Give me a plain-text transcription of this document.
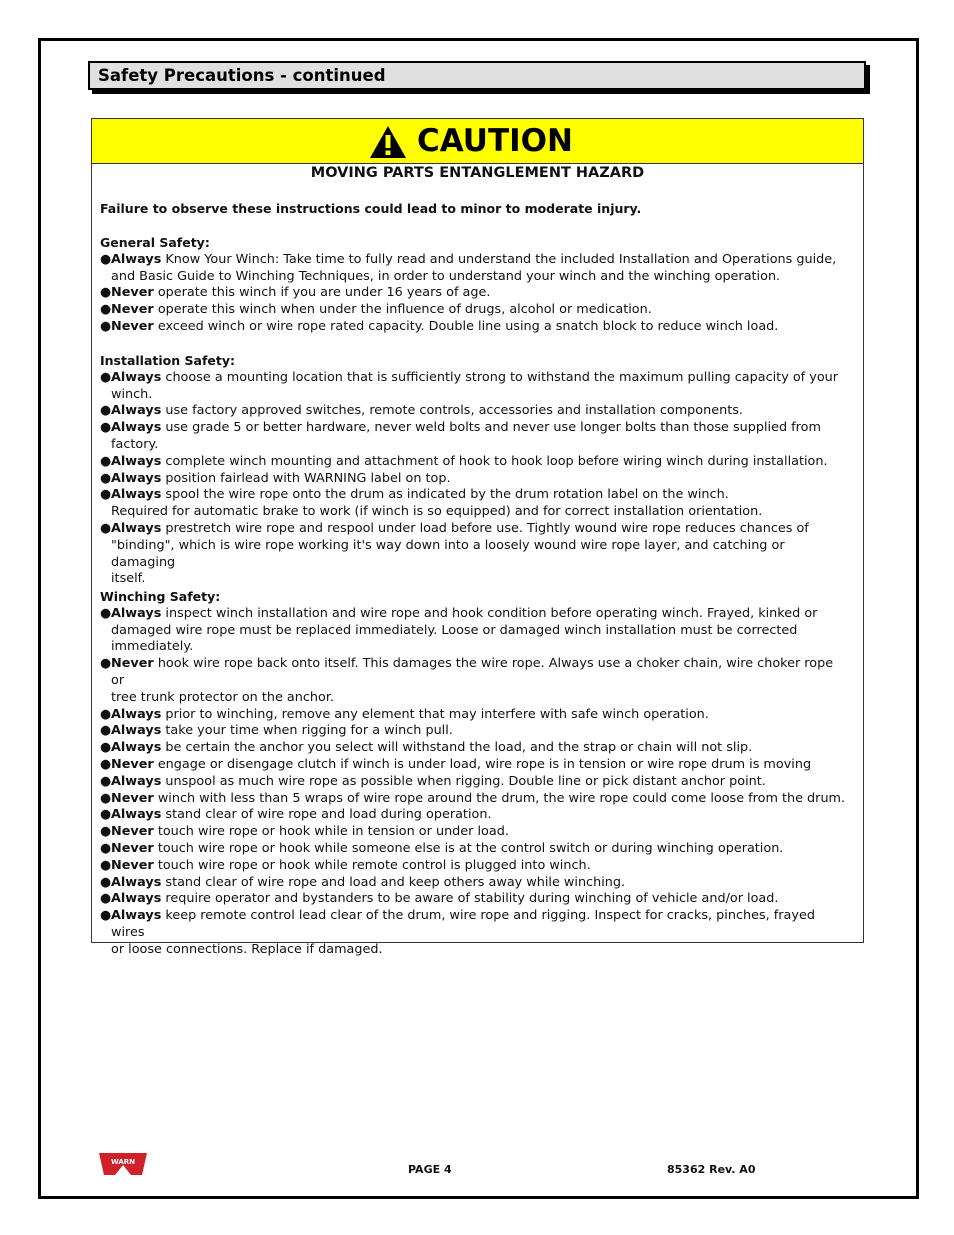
Safety Precautions - continued
CAUTION
MOVING PARTS ENTANGLEMENT HAZARD
Failure to observe these instructions could lead to minor to moderate injury.
General Safety:
● Always Know Your Winch: Take time to fully read and understand the included Installation and Operations guide,
and Basic Guide to Winching Techniques, in order to understand your winch and the winching operation.
● Never operate this winch if you are under 16 years of age.
● Never operate this winch when under the influence of drugs, alcohol or medication.
● Never exceed winch or wire rope rated capacity. Double line using a snatch block to reduce winch load.
Installation Safety:
● Always choose a mounting location that is sufficiently strong to withstand the maximum pulling capacity of your
winch.
● Always use factory approved switches, remote controls, accessories and installation components.
● Always use grade 5 or better hardware, never weld bolts and never use longer bolts than those supplied from
factory.
● Always complete winch mounting and attachment of hook to hook loop before wiring winch during installation.
● Always position fairlead with WARNING label on top.
● Always spool the wire rope onto the drum as indicated by the drum rotation label on the winch.
Required for automatic brake to work (if winch is so equipped) and for correct installation orientation.
● Always prestretch wire rope and respool under load before use. Tightly wound wire rope reduces chances of
"binding", which is wire rope working it's way down into a loosely wound wire rope layer, and catching or damaging
itself.
Winching Safety:
● Always inspect winch installation and wire rope and hook condition before operating winch. Frayed, kinked or
damaged wire rope must be replaced immediately. Loose or damaged winch installation must be corrected
immediately.
● Never hook wire rope back onto itself. This damages the wire rope. Always use a choker chain, wire choker rope or
tree trunk protector on the anchor.
● Always prior to winching, remove any element that may interfere with safe winch operation.
● Always take your time when rigging for a winch pull.
● Always be certain the anchor you select will withstand the load, and the strap or chain will not slip.
● Never engage or disengage clutch if winch is under load, wire rope is in tension or wire rope drum is moving
● Always unspool as much wire rope as possible when rigging. Double line or pick distant anchor point.
● Never winch with less than 5 wraps of wire rope around the drum, the wire rope could come loose from the drum.
● Always stand clear of wire rope and load during operation.
● Never touch wire rope or hook while in tension or under load.
● Never touch wire rope or hook while someone else is at the control switch or during winching operation.
● Never touch wire rope or hook while remote control is plugged into winch.
● Always stand clear of wire rope and load and keep others away while winching.
● Always require operator and bystanders to be aware of stability during winching of vehicle and/or load.
● Always keep remote control lead clear of the drum, wire rope and rigging. Inspect for cracks, pinches, frayed wires
or loose connections. Replace if damaged.
WARN
PAGE 4	85362 Rev. A0
